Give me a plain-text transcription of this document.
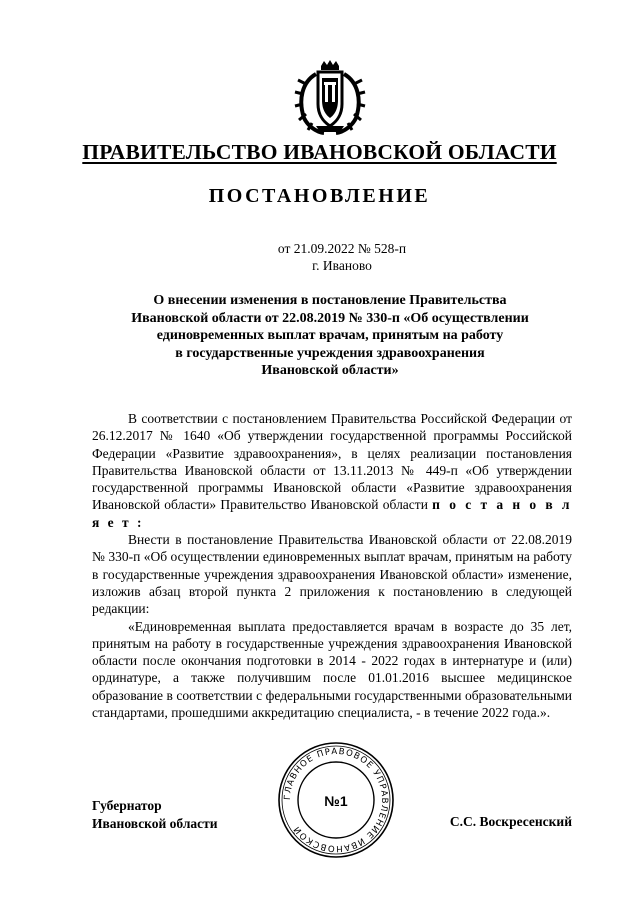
ПРАВИТЕЛЬСТВО ИВАНОВСКОЙ ОБЛАСТИ
ПОСТАНОВЛЕНИЕ
от 21.09.2022 № 528-п
г. Иваново
О внесении изменения в постановление Правительства
Ивановской области от 22.08.2019 № 330-п «Об осуществлении
единовременных выплат врачам, принятым на работу
в государственные учреждения здравоохранения
Ивановской области»

В соответствии с постановлением Правительства Российской Федерации от 26.12.2017 № 1640 «Об утверждении государственной программы Российской Федерации «Развитие здравоохранения», в целях реализации постановления Правительства Ивановской области от 13.11.2013 № 449-п «Об утверждении государственной программы Ивановской области «Развитие здравоохранения Ивановской области» Правительство Ивановской области п о с т а н о в л я е т :

Внести в постановление Правительства Ивановской области от 22.08.2019 № 330-п «Об осуществлении единовременных выплат врачам, принятым на работу в государственные учреждения здравоохранения Ивановской области» изменение, изложив абзац второй пункта 2 приложения к постановлению в следующей редакции:

«Единовременная выплата предоставляется врачам в возрасте до 35 лет, принятым на работу в государственные учреждения здравоохранения Ивановской области после окончания подготовки в 2014 - 2022 годах в интернатуре и (или) ординатуре, а также получившим после 01.01.2016 высшее медицинское образование в соответствии с федеральными государственными образовательными стандартами, прошедшими аккредитацию специалиста, - в течение 2022 года.».

Губернатор
Ивановской области
ГЛАВНОЕ ПРАВОВОЕ УПРАВЛЕНИЕ ИВАНОВСКОЙ
№1
С.С. Воскресенский
